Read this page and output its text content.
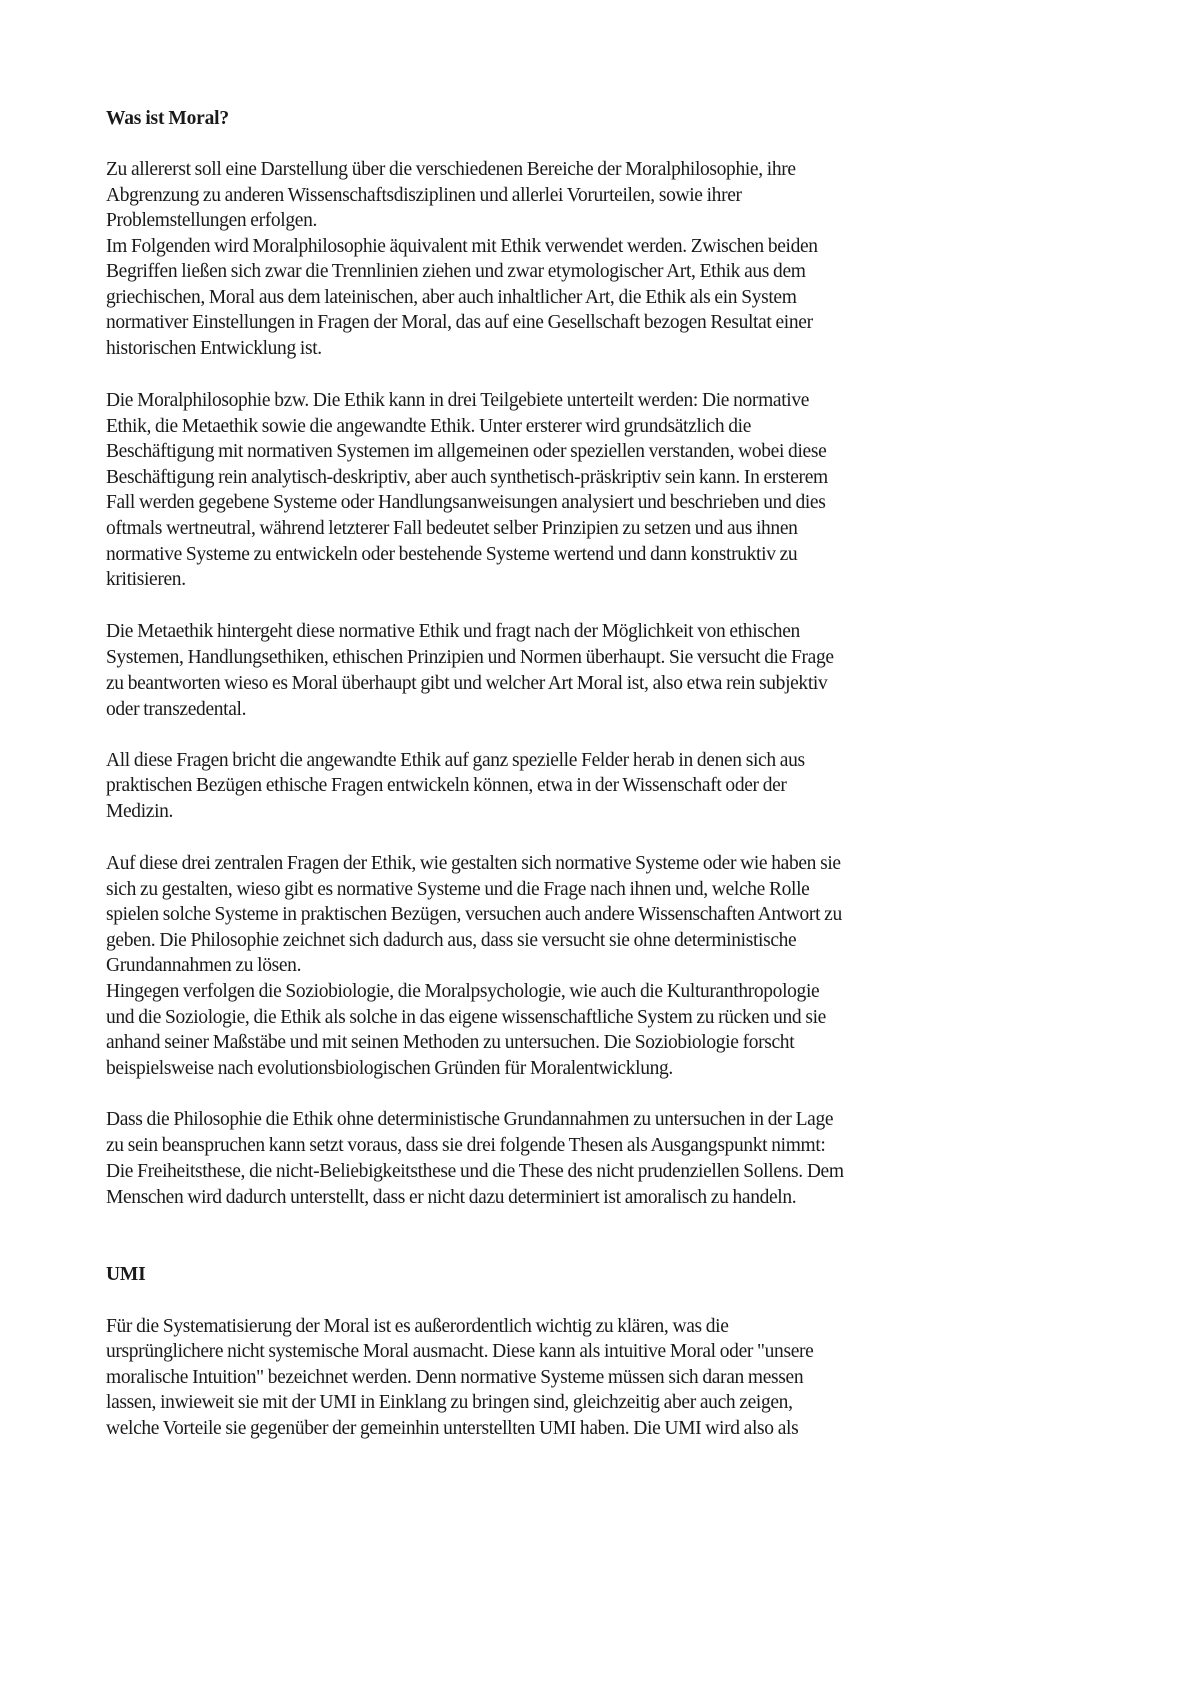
Was ist Moral?
Zu allererst soll eine Darstellung über die verschiedenen Bereiche der Moralphilosophie, ihre
Abgrenzung zu anderen Wissenschaftsdisziplinen und allerlei Vorurteilen, sowie ihrer
Problemstellungen erfolgen.
Im Folgenden wird Moralphilosophie äquivalent mit Ethik verwendet werden. Zwischen beiden
Begriffen ließen sich zwar die Trennlinien ziehen und zwar etymologischer Art, Ethik aus dem
griechischen, Moral aus dem lateinischen, aber auch inhaltlicher Art, die Ethik als ein System
normativer Einstellungen in Fragen der Moral, das auf eine Gesellschaft bezogen Resultat einer
historischen Entwicklung ist.
Die Moralphilosophie bzw. Die Ethik kann in drei Teilgebiete unterteilt werden: Die normative
Ethik, die Metaethik sowie die angewandte Ethik. Unter ersterer wird grundsätzlich die
Beschäftigung mit normativen Systemen im allgemeinen oder speziellen verstanden, wobei diese
Beschäftigung rein analytisch-deskriptiv, aber auch synthetisch-präskriptiv sein kann. In ersterem
Fall werden gegebene Systeme oder Handlungsanweisungen analysiert und beschrieben und dies
oftmals wertneutral, während letzterer Fall bedeutet selber Prinzipien zu setzen und aus ihnen
normative Systeme zu entwickeln oder bestehende Systeme wertend und dann konstruktiv zu
kritisieren.
Die Metaethik hintergeht diese normative Ethik und fragt nach der Möglichkeit von ethischen
Systemen, Handlungsethiken, ethischen Prinzipien und Normen überhaupt. Sie versucht die Frage
zu beantworten wieso es Moral überhaupt gibt und welcher Art Moral ist, also etwa rein subjektiv
oder transzedental.
All diese Fragen bricht die angewandte Ethik auf ganz spezielle Felder herab in denen sich aus
praktischen Bezügen ethische Fragen entwickeln können, etwa in der Wissenschaft oder der
Medizin.
Auf diese drei zentralen Fragen der Ethik, wie gestalten sich normative Systeme oder wie haben sie
sich zu gestalten, wieso gibt es normative Systeme und die Frage nach ihnen und, welche Rolle
spielen solche Systeme in praktischen Bezügen, versuchen auch andere Wissenschaften Antwort zu
geben. Die Philosophie zeichnet sich dadurch aus, dass sie versucht sie ohne deterministische
Grundannahmen zu lösen.
Hingegen verfolgen die Soziobiologie, die Moralpsychologie, wie auch die Kulturanthropologie
und die Soziologie, die Ethik als solche in das eigene wissenschaftliche System zu rücken und sie
anhand seiner Maßstäbe und mit seinen Methoden zu untersuchen. Die Soziobiologie forscht
beispielsweise nach evolutionsbiologischen Gründen für Moralentwicklung.
Dass die Philosophie die Ethik ohne deterministische Grundannahmen zu untersuchen in der Lage
zu sein beanspruchen kann setzt voraus, dass sie drei folgende Thesen als Ausgangspunkt nimmt:
Die Freiheitsthese, die nicht-Beliebigkeitsthese und die These des nicht prudenziellen Sollens. Dem
Menschen wird dadurch unterstellt, dass er nicht dazu determiniert ist amoralisch zu handeln.
UMI
Für die Systematisierung der Moral ist es außerordentlich wichtig zu klären, was die
ursprünglichere nicht systemische Moral ausmacht. Diese kann als intuitive Moral oder "unsere
moralische Intuition" bezeichnet werden. Denn normative Systeme müssen sich daran messen
lassen, inwieweit sie mit der UMI in Einklang zu bringen sind, gleichzeitig aber auch zeigen,
welche Vorteile sie gegenüber der gemeinhin unterstellten UMI haben. Die UMI wird also als
